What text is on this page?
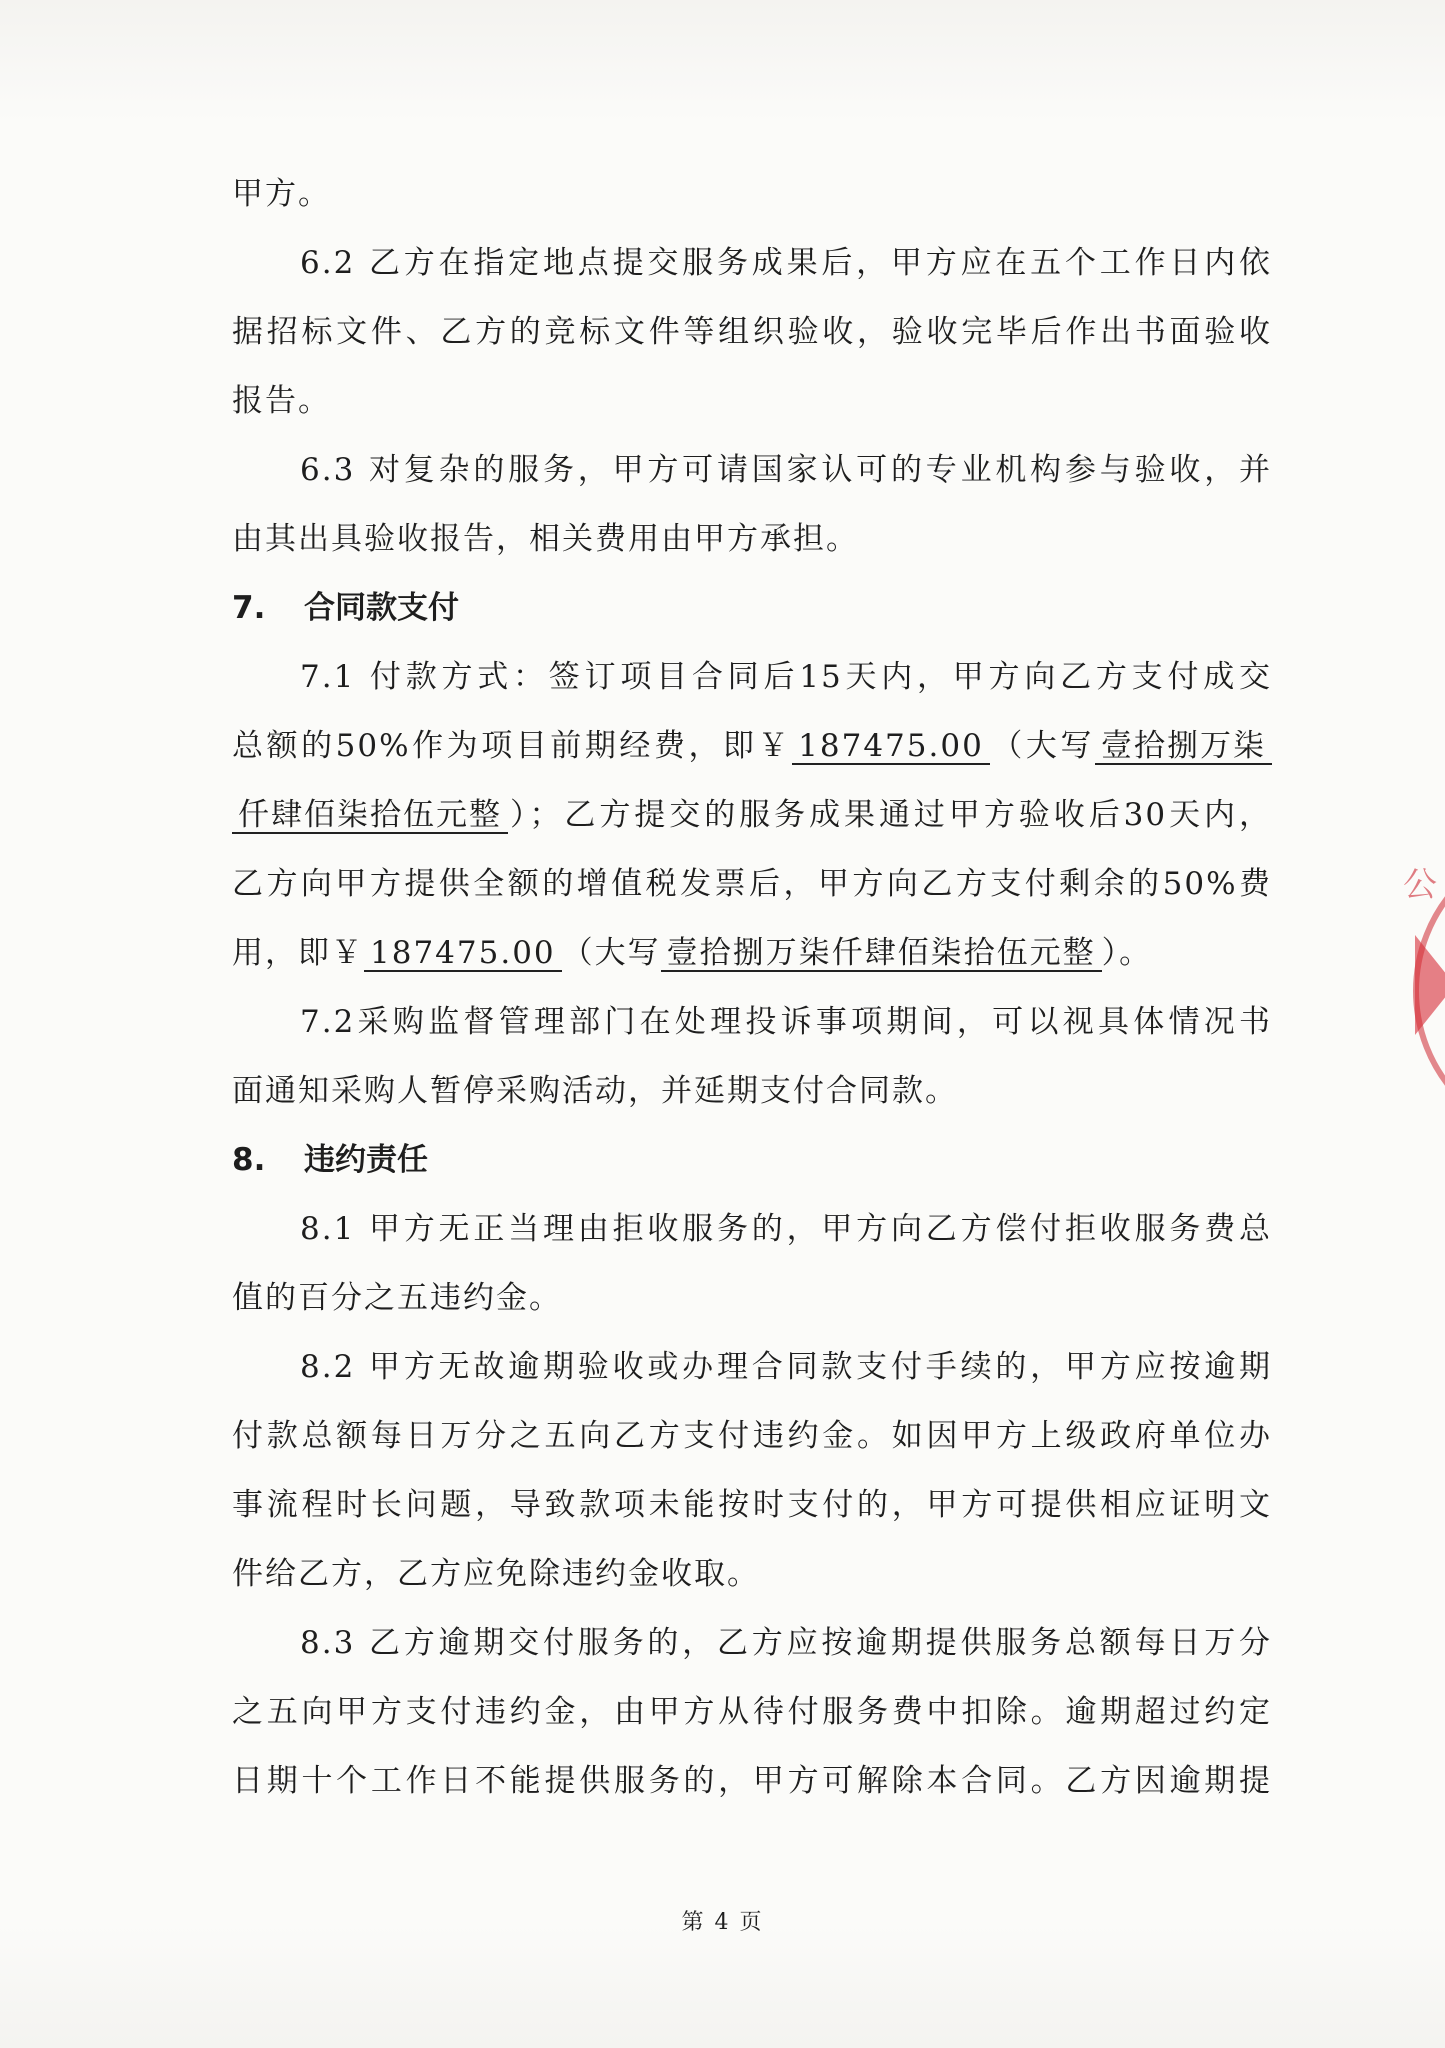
甲方。
6.2 乙方在指定地点提交服务成果后，甲方应在五个工作日内依
据招标文件、乙方的竞标文件等组织验收，验收完毕后作出书面验收
报告。
6.3 对复杂的服务，甲方可请国家认可的专业机构参与验收，并
由其出具验收报告，相关费用由甲方承担。
7. 合同款支付
7.1 付款方式：签订项目合同后15天内，甲方向乙方支付成交
总额的50%作为项目前期经费，即￥ 187475.00 （大写 壹拾捌万柒
仟肆佰柒拾伍元整 ）；乙方提交的服务成果通过甲方验收后30天内，
乙方向甲方提供全额的增值税发票后，甲方向乙方支付剩余的50%费
用，即￥ 187475.00 （大写 壹拾捌万柒仟肆佰柒拾伍元整 ）。
7.2采购监督管理部门在处理投诉事项期间，可以视具体情况书
面通知采购人暂停采购活动，并延期支付合同款。
8. 违约责任
8.1 甲方无正当理由拒收服务的，甲方向乙方偿付拒收服务费总
值的百分之五违约金。
8.2 甲方无故逾期验收或办理合同款支付手续的，甲方应按逾期
付款总额每日万分之五向乙方支付违约金。如因甲方上级政府单位办
事流程时长问题，导致款项未能按时支付的，甲方可提供相应证明文
件给乙方，乙方应免除违约金收取。
8.3 乙方逾期交付服务的，乙方应按逾期提供服务总额每日万分
之五向甲方支付违约金，由甲方从待付服务费中扣除。逾期超过约定
日期十个工作日不能提供服务的，甲方可解除本合同。乙方因逾期提
第 4 页
公
